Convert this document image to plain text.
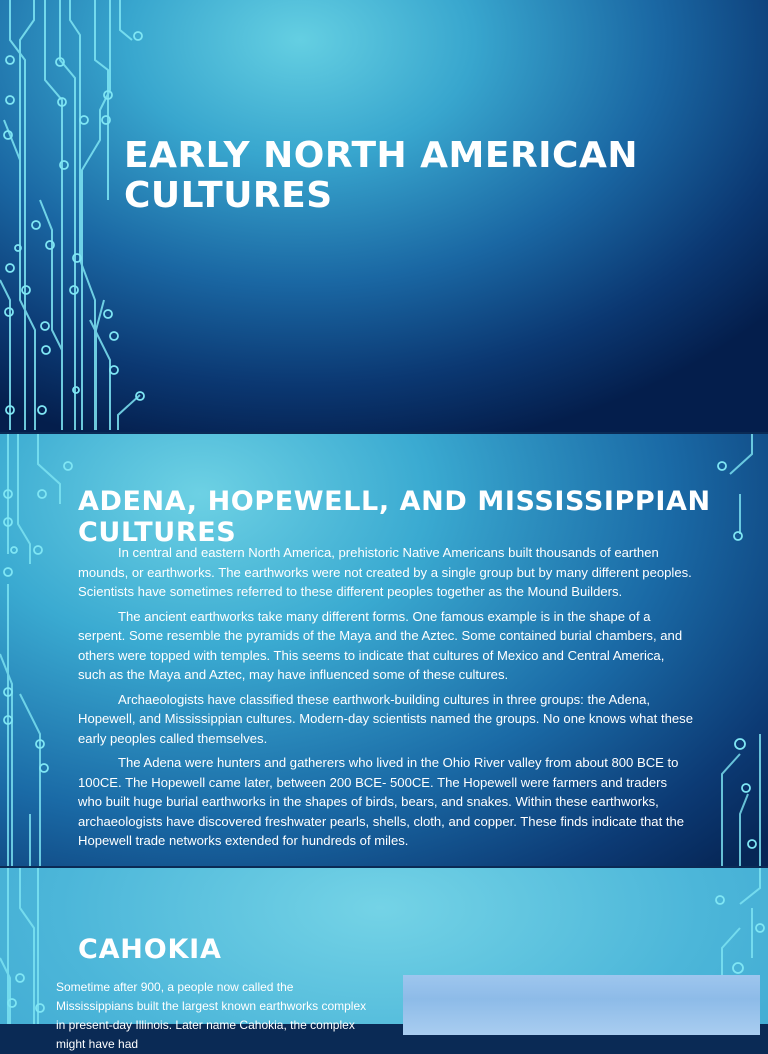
EARLY NORTH AMERICAN CULTURES
ADENA, HOPEWELL, AND MISSISSIPPIAN CULTURES

In central and eastern North America, prehistoric Native Americans built thousands of earthen mounds, or earthworks. The earthworks were not created by a single group but by many different peoples. Scientists have sometimes referred to these different peoples together as the Mound Builders.

The ancient earthworks take many different forms. One famous example is in the shape of a serpent. Some resemble the pyramids of the Maya and the Aztec. Some contained burial chambers, and others were topped with temples. This seems to indicate that cultures of Mexico and Central America, such as the Maya and Aztec, may have influenced some of these cultures.

Archaeologists have classified these earthwork-building cultures in three groups: the Adena, Hopewell, and Mississippian cultures. Modern-day scientists named the groups. No one knows what these early peoples called themselves.

The Adena were hunters and gatherers who lived in the Ohio River valley from about 800 BCE to 100CE. The Hopewell came later, between 200 BCE- 500CE. The Hopewell were farmers and traders who built huge burial earthworks in the shapes of birds, bears, and snakes. Within these earthworks, archaeologists have discovered freshwater pearls, shells, cloth, and copper. These finds indicate that the Hopewell trade networks extended for hundreds of miles.

CAHOKIA

Sometime after 900, a people now called the Mississippians built the largest known earthworks complex in present-day Illinois. Later name Cahokia, the complex might have had
